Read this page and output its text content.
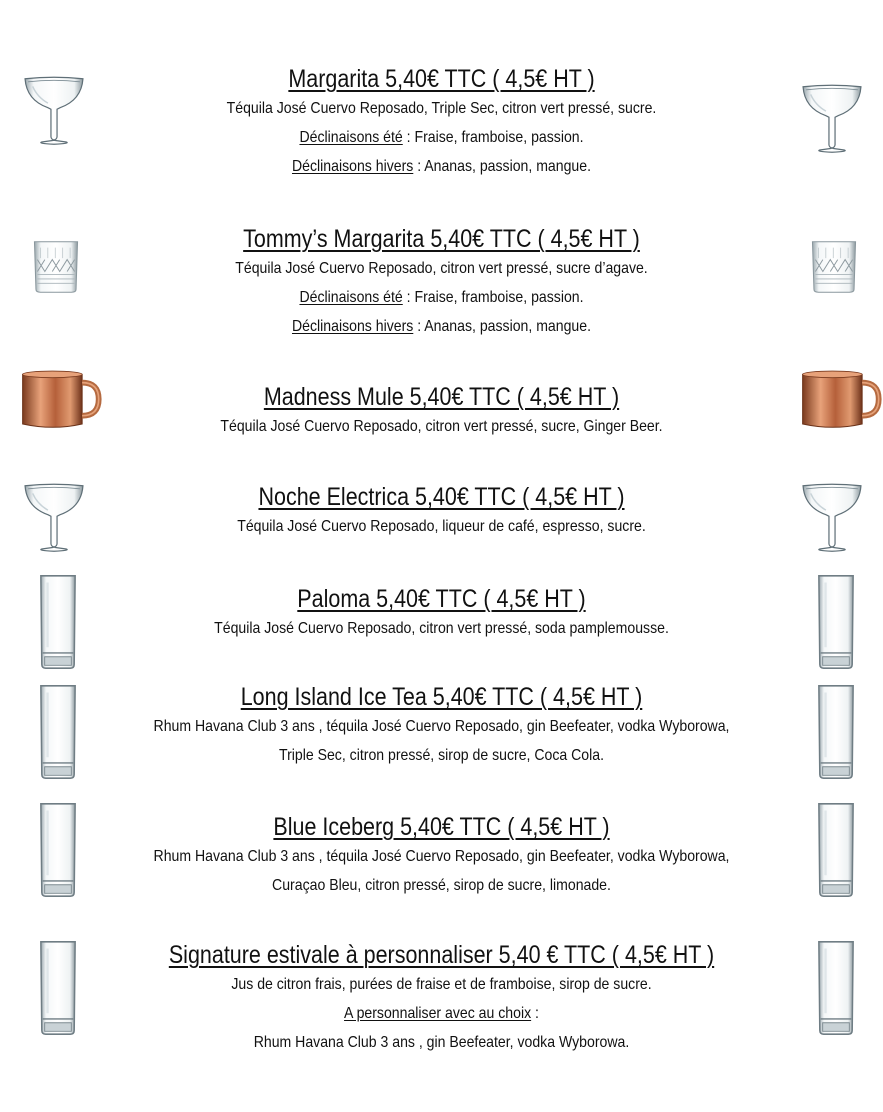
Margarita 5,40€ TTC ( 4,5€ HT )
Téquila José Cuervo Reposado, Triple Sec, citron vert pressé, sucre.
Déclinaisons été : Fraise, framboise, passion.
Déclinaisons hivers : Ananas, passion, mangue.
Tommy’s Margarita 5,40€ TTC ( 4,5€ HT )
Téquila José Cuervo Reposado, citron vert pressé, sucre d’agave.
Déclinaisons été : Fraise, framboise, passion.
Déclinaisons hivers : Ananas, passion, mangue.
Madness Mule 5,40€ TTC ( 4,5€ HT )
Téquila José Cuervo Reposado, citron vert pressé, sucre, Ginger Beer.
Noche Electrica 5,40€ TTC ( 4,5€ HT )
Téquila José Cuervo Reposado, liqueur de café, espresso, sucre.
Paloma 5,40€ TTC ( 4,5€ HT )
Téquila José Cuervo Reposado, citron vert pressé, soda pamplemousse.
Long Island Ice Tea 5,40€ TTC ( 4,5€ HT )
Rhum Havana Club 3 ans , téquila José Cuervo Reposado, gin Beefeater, vodka Wyborowa,
Triple Sec, citron pressé, sirop de sucre, Coca Cola.
Blue Iceberg 5,40€ TTC ( 4,5€ HT )
Rhum Havana Club 3 ans , téquila José Cuervo Reposado, gin Beefeater, vodka Wyborowa,
Curaçao Bleu, citron pressé, sirop de sucre, limonade.
Signature estivale à personnaliser 5,40 € TTC ( 4,5€ HT )
Jus de citron frais, purées de fraise et de framboise, sirop de sucre.
A personnaliser avec au choix :
Rhum Havana Club 3 ans , gin Beefeater, vodka Wyborowa.
